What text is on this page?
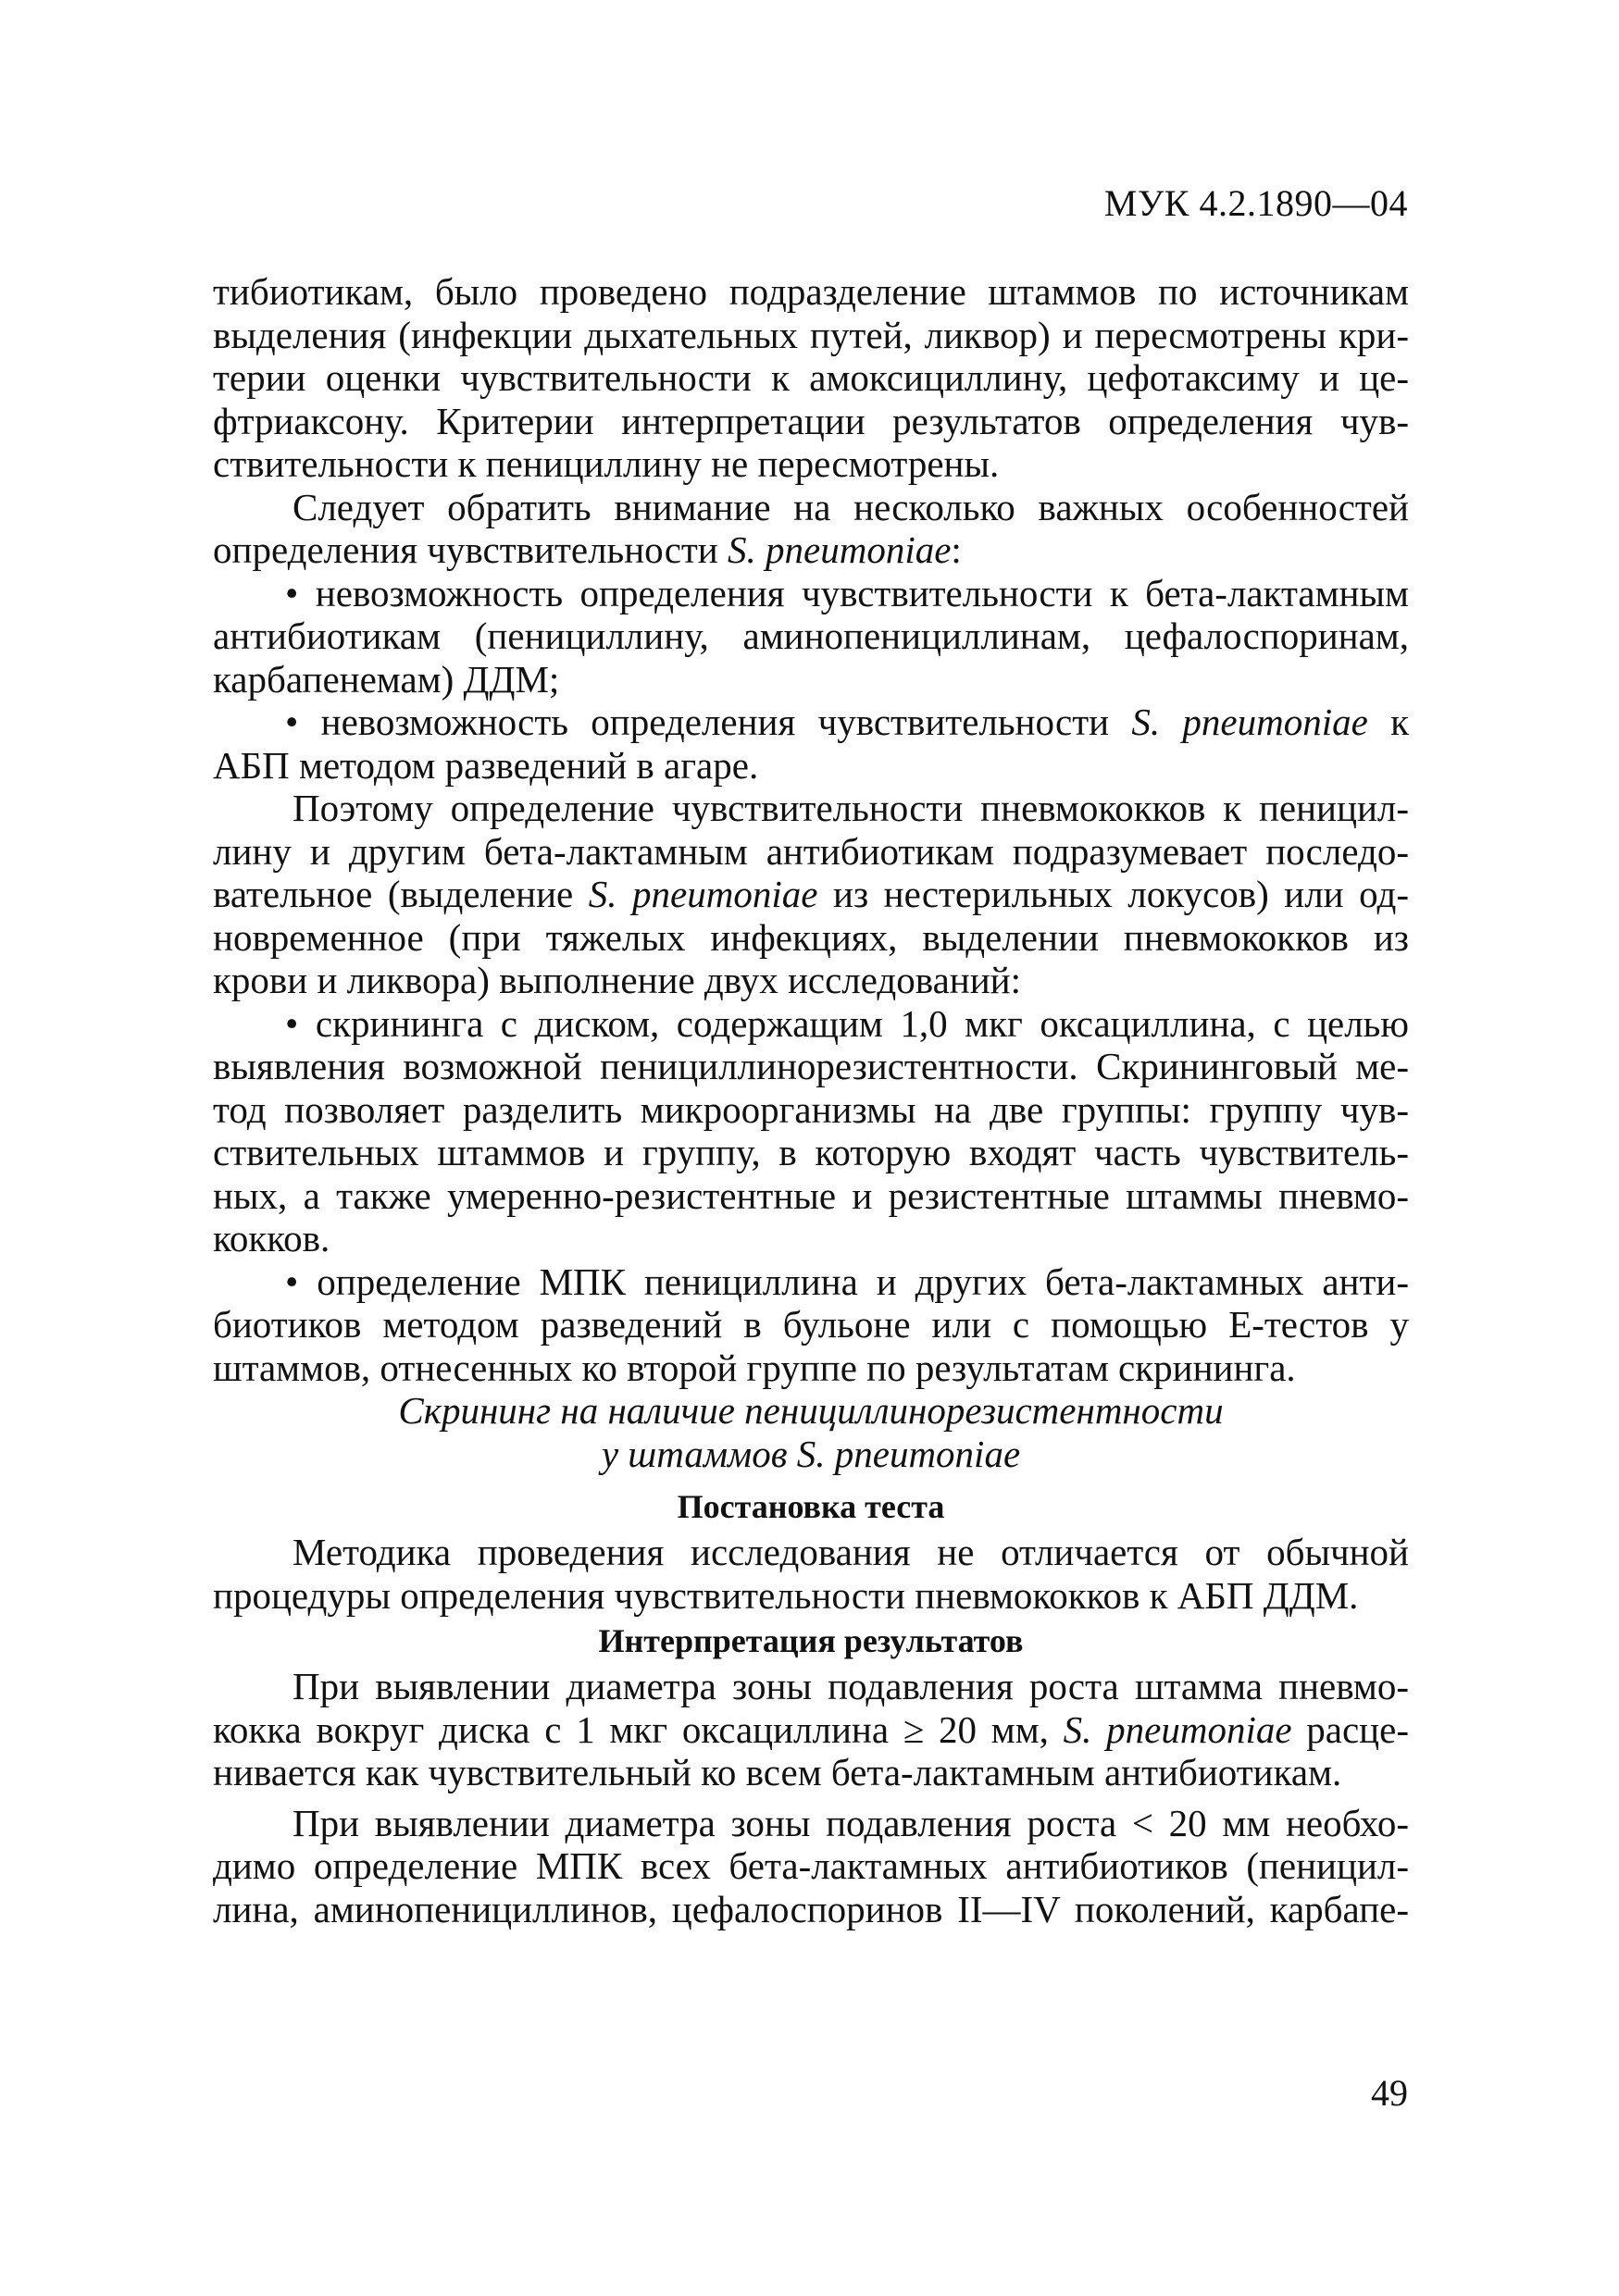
МУК 4.2.1890—04
тибиотикам, было проведено подразделение штаммов по источникам
выделения (инфекции дыхательных путей, ликвор) и пересмотрены кри-
терии оценки чувствительности к амоксициллину, цефотаксиму и це-
фтриаксону. Критерии интерпретации результатов определения чув-
ствительности к пенициллину не пересмотрены.
Следует обратить внимание на несколько важных особенностей
определения чувствительности S. pneumoniae:
• невозможность определения чувствительности к бета-лактамным
антибиотикам (пенициллину, аминопенициллинам, цефалоспоринам,
карбапенемам) ДДМ;
• невозможность определения чувствительности S. pneumoniae к
АБП методом разведений в агаре.
Поэтому определение чувствительности пневмококков к пеницил-
лину и другим бета-лактамным антибиотикам подразумевает последо-
вательное (выделение S. pneumoniae из нестерильных локусов) или од-
новременное (при тяжелых инфекциях, выделении пневмококков из
крови и ликвора) выполнение двух исследований:
• скрининга с диском, содержащим 1,0 мкг оксациллина, с целью
выявления возможной пенициллинорезистентности. Скрининговый ме-
тод позволяет разделить микроорганизмы на две группы: группу чув-
ствительных штаммов и группу, в которую входят часть чувствитель-
ных, а также умеренно-резистентные и резистентные штаммы пневмо-
кокков.
• определение МПК пенициллина и других бета-лактамных анти-
биотиков методом разведений в бульоне или с помощью Е-тестов у
штаммов, отнесенных ко второй группе по результатам скрининга.
Скрининг на наличие пенициллинорезистентности
у штаммов S. pneumoniae
Постановка теста
Методика проведения исследования не отличается от обычной
процедуры определения чувствительности пневмококков к АБП ДДМ.
Интерпретация результатов
При выявлении диаметра зоны подавления роста штамма пневмо-
кокка вокруг диска с 1 мкг оксациллина ≥ 20 мм, S. pneumoniae расце-
нивается как чувствительный ко всем бета-лактамным антибиотикам.
При выявлении диаметра зоны подавления роста < 20 мм необхо-
димо определение МПК всех бета-лактамных антибиотиков (пеницил-
лина, аминопенициллинов, цефалоспоринов II—IV поколений, карбапе-
49
